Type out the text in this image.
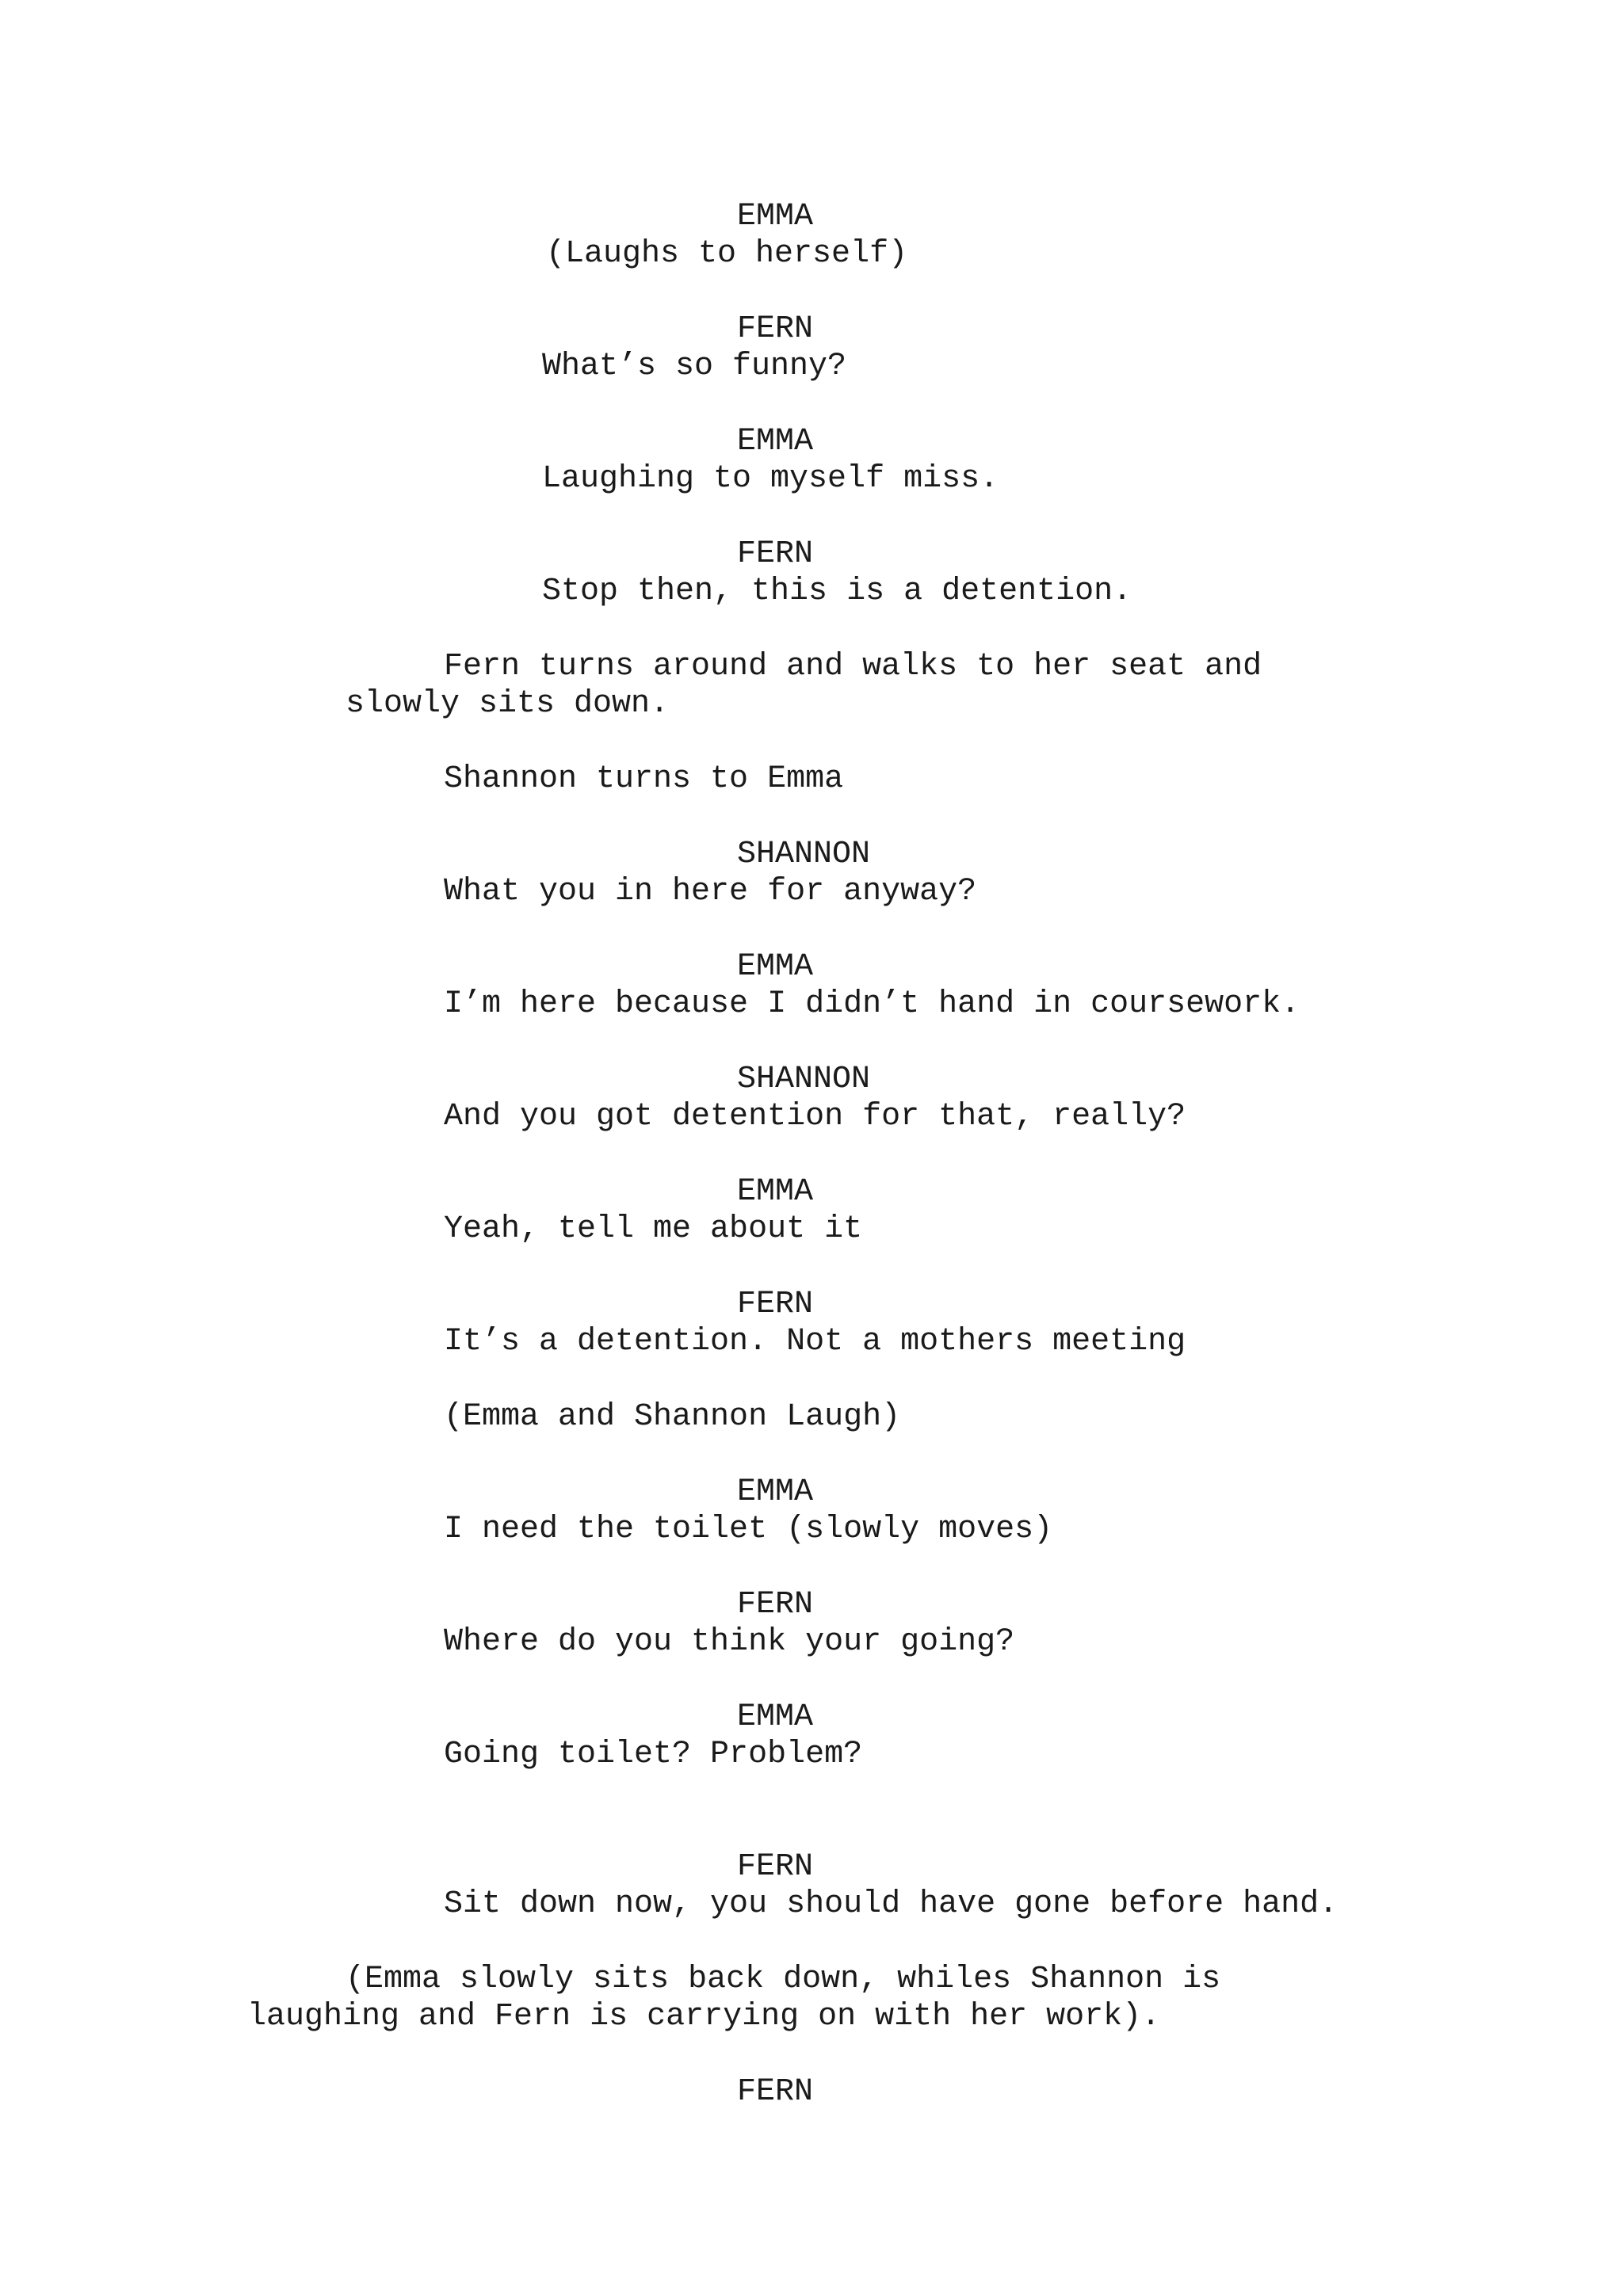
EMMA
(Laughs to herself)
FERN
What’s so funny?
EMMA
Laughing to myself miss.
FERN
Stop then, this is a detention.
Fern turns around and walks to her seat and
slowly sits down.
Shannon turns to Emma
SHANNON
What you in here for anyway?
EMMA
I’m here because I didn’t hand in coursework.
SHANNON
And you got detention for that, really?
EMMA
Yeah, tell me about it
FERN
It’s a detention. Not a mothers meeting
(Emma and Shannon Laugh)
EMMA
I need the toilet (slowly moves)
FERN
Where do you think your going?
EMMA
Going toilet? Problem?
FERN
Sit down now, you should have gone before hand.
(Emma slowly sits back down, whiles Shannon is
laughing and Fern is carrying on with her work).
FERN
